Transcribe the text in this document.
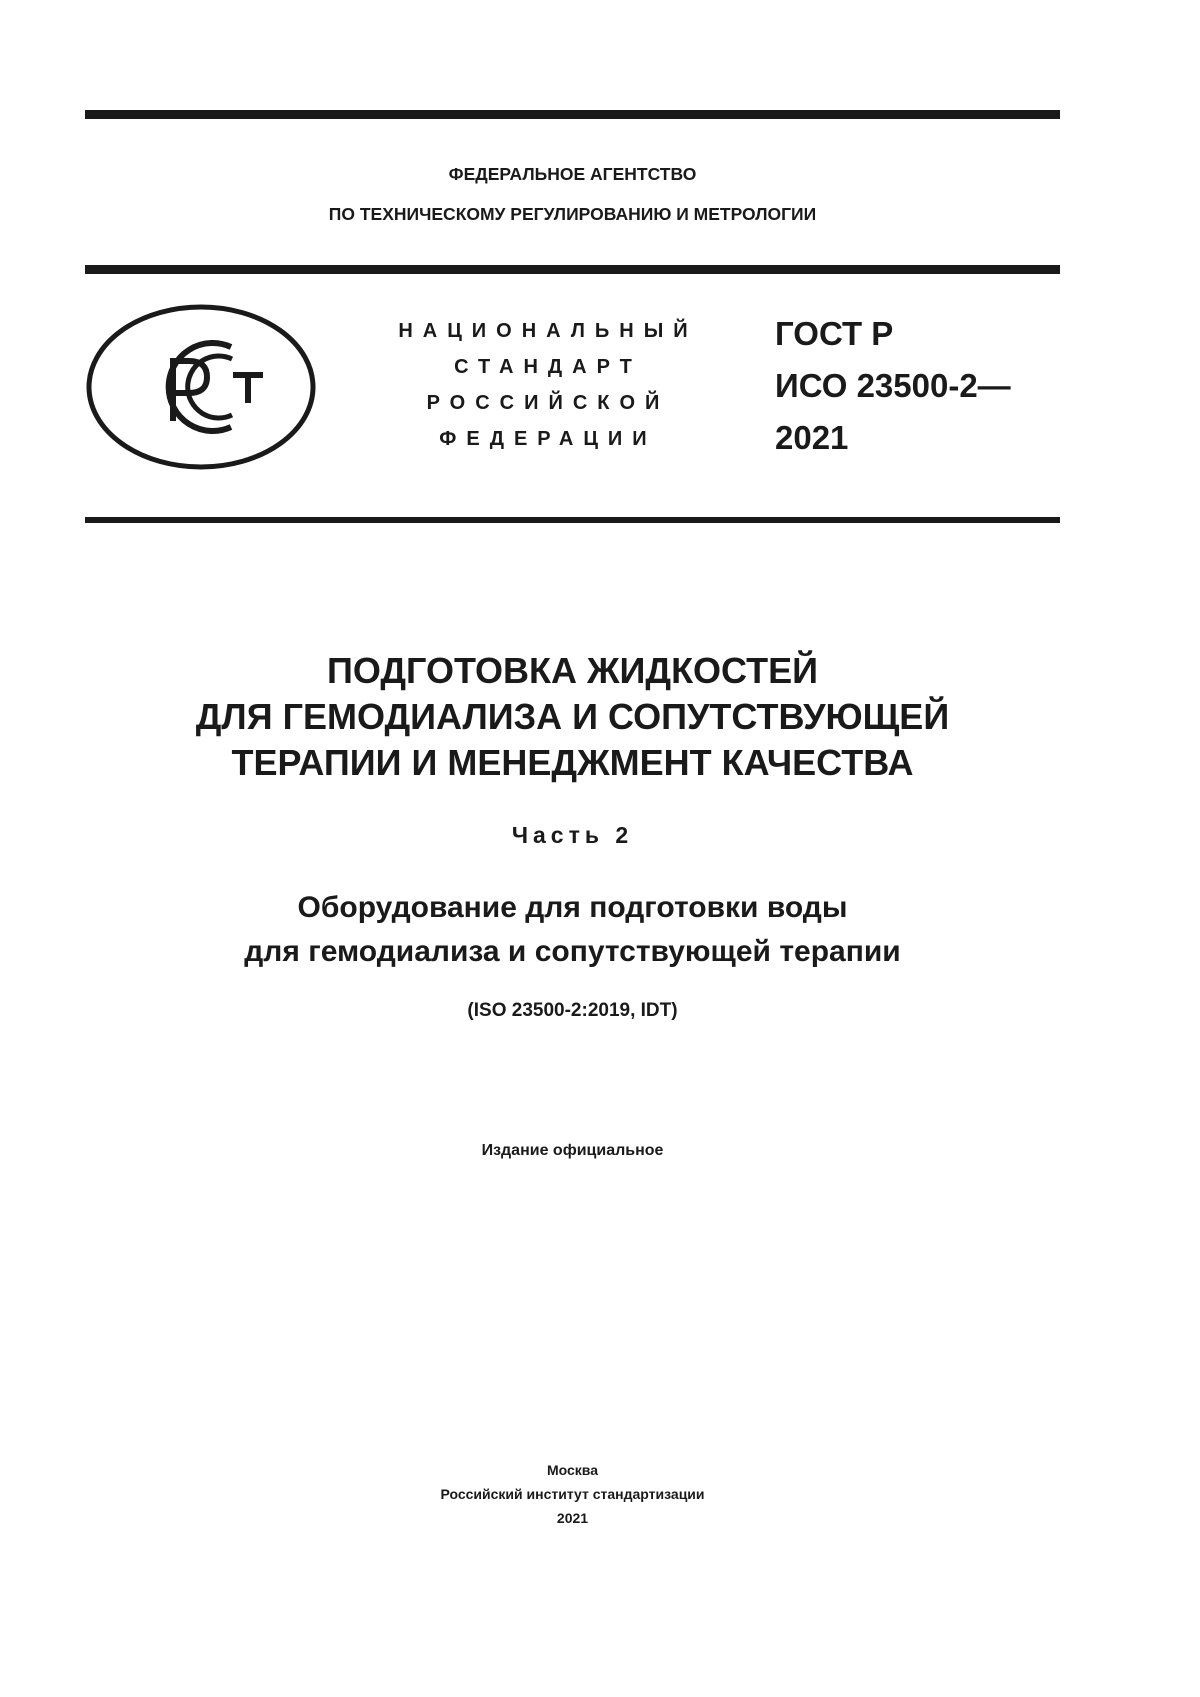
ФЕДЕРАЛЬНОЕ АГЕНТСТВО
ПО ТЕХНИЧЕСКОМУ РЕГУЛИРОВАНИЮ И МЕТРОЛОГИИ
НАЦИОНАЛЬНЫЙ
СТАНДАРТ
РОССИЙСКОЙ
ФЕДЕРАЦИИ
ГОСТ Р
ИСО 23500-2—
2021
ПОДГОТОВКА ЖИДКОСТЕЙ
ДЛЯ ГЕМОДИАЛИЗА И СОПУТСТВУЮЩЕЙ
ТЕРАПИИ И МЕНЕДЖМЕНТ КАЧЕСТВА
Часть 2
Оборудование для подготовки воды
для гемодиализа и сопутствующей терапии
(ISO 23500-2:2019, IDT)
Издание официальное
Москва
Российский институт стандартизации
2021
